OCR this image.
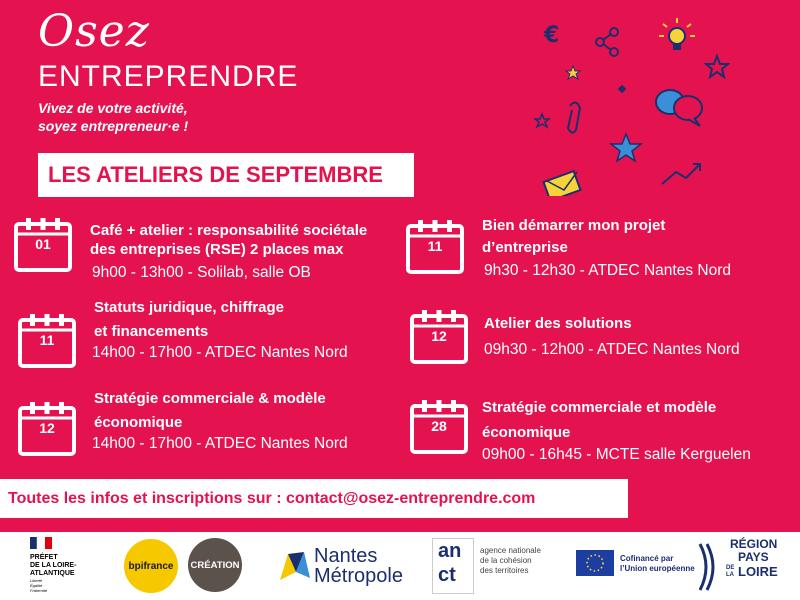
Osez
ENTREPRENDRE
Vivez de votre activité,
soyez entrepreneur·e !
€
LES ATELIERS DE SEPTEMBRE
01
Café + atelier : responsabilité sociétale
des entreprises (RSE) 2 places max
9h00 - 13h00 - Solilab, salle OB
11
Statuts juridique, chiffrage
et financements
14h00 - 17h00 - ATDEC Nantes Nord
12
Stratégie commerciale & modèle
économique
14h00 - 17h00 - ATDEC Nantes Nord
11
Bien démarrer mon projet
d’entreprise
9h30 - 12h30 - ATDEC Nantes Nord
12
Atelier des solutions
09h30 - 12h00 - ATDEC Nantes Nord
28
Stratégie commerciale et modèle
économique
09h00 - 16h45 - MCTE salle Kerguelen
Toutes les infos et inscriptions sur : contact@osez-entreprendre.com
PRÉFET
DE LA LOIRE-
ATLANTIQUE
Liberté
Égalité
Fraternité
bpifrance CRÉATION	Nantes
Métropole
an
ct
agence nationale
de la cohésion
des territoires
Cofinancé par
l’Union européenne
RÉGION
PAYS
DE
LA LOIRE
